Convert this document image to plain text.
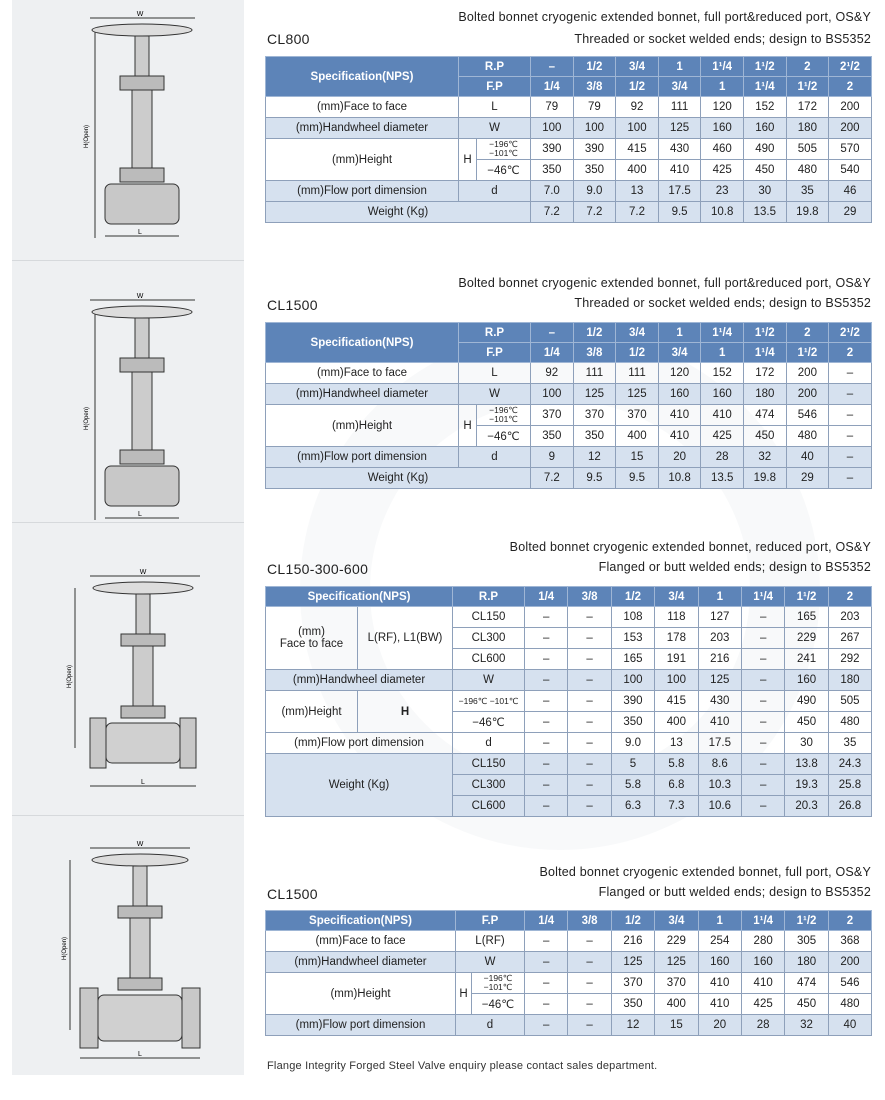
W
L
H(Open)
W
L
H(Open)
W
L
H(Open)
W
L
H(Open)
Bolted bonnet cryogenic extended bonnet, full port&reduced port, OS&Y
Threaded or socket welded ends; design to BS5352
CL800
Specification(NPS)	R.P		–	1/2	3/4	1	1¹/4	1¹/2	2	2¹/2
	F.P		1/4	3/8	1/2	3/4	1	1¹/4	1¹/2	2
(mm)Face to face	L		79	79	92	111	120	152	172	200
(mm)Handwheel diameter	W		100	100	100	125	160	160	180	200
(mm)Height	H	−196℃ −101℃	390	390	415	430	460	490	505	570
		−46℃	350	350	400	410	425	450	480	540
(mm)Flow port dimension	d		7.0	9.0	13	17.5	23	30	35	46
Weight (Kg)			7.2	7.2	7.2	9.5	10.8	13.5	19.8	29
Bolted bonnet cryogenic extended bonnet, full port&reduced port, OS&Y
Threaded or socket welded ends; design to BS5352
CL1500
Specification(NPS)	R.P		–	1/2	3/4	1	1¹/4	1¹/2	2	2¹/2
	F.P		1/4	3/8	1/2	3/4	1	1¹/4	1¹/2	2
(mm)Face to face	L		92	111	111	120	152	172	200	–
(mm)Handwheel diameter	W		100	125	125	160	160	180	200	–
(mm)Height	H	−196℃ −101℃	370	370	370	410	410	474	546	–
		−46℃	350	350	400	410	425	450	480	–
(mm)Flow port dimension	d		9	12	15	20	28	32	40	–
Weight (Kg)			7.2	9.5	9.5	10.8	13.5	19.8	29	–
Bolted bonnet cryogenic extended bonnet, reduced port, OS&Y
Flanged or butt welded ends; design to BS5352
CL150-300-600
Specification(NPS)		R.P	1/4	3/8	1/2	3/4	1	1¹/4	1¹/2	2
(mm)
Face to face	L(RF), L1(BW)	CL150	–	–	108	118	127	–	165	203
		CL300	–	–	153	178	203	–	229	267
		CL600	–	–	165	191	216	–	241	292
(mm)Handwheel diameter		W	–	–	100	100	125	–	160	180
(mm)Height	H	−196℃ −101℃	–	–	390	415	430	–	490	505
		−46℃	–	–	350	400	410	–	450	480
(mm)Flow port dimension		d	–	–	9.0	13	17.5	–	30	35
Weight (Kg)		CL150	–	–	5	5.8	8.6	–	13.8	24.3
		CL300	–	–	5.8	6.8	10.3	–	19.3	25.8
		CL600	–	–	6.3	7.3	10.6	–	20.3	26.8
Bolted bonnet cryogenic extended bonnet, full port, OS&Y
Flanged or butt welded ends; design to BS5352
CL1500
Specification(NPS)	F.P		1/4	3/8	1/2	3/4	1	1¹/4	1¹/2	2
(mm)Face to face	L(RF)		–	–	216	229	254	280	305	368
(mm)Handwheel diameter	W		–	–	125	125	160	160	180	200
(mm)Height	H	−196℃ −101℃	–	–	370	370	410	410	474	546
		−46℃	–	–	350	400	410	425	450	480
(mm)Flow port dimension	d		–	–	12	15	20	28	32	40
Flange Integrity Forged Steel Valve enquiry please contact sales department.
